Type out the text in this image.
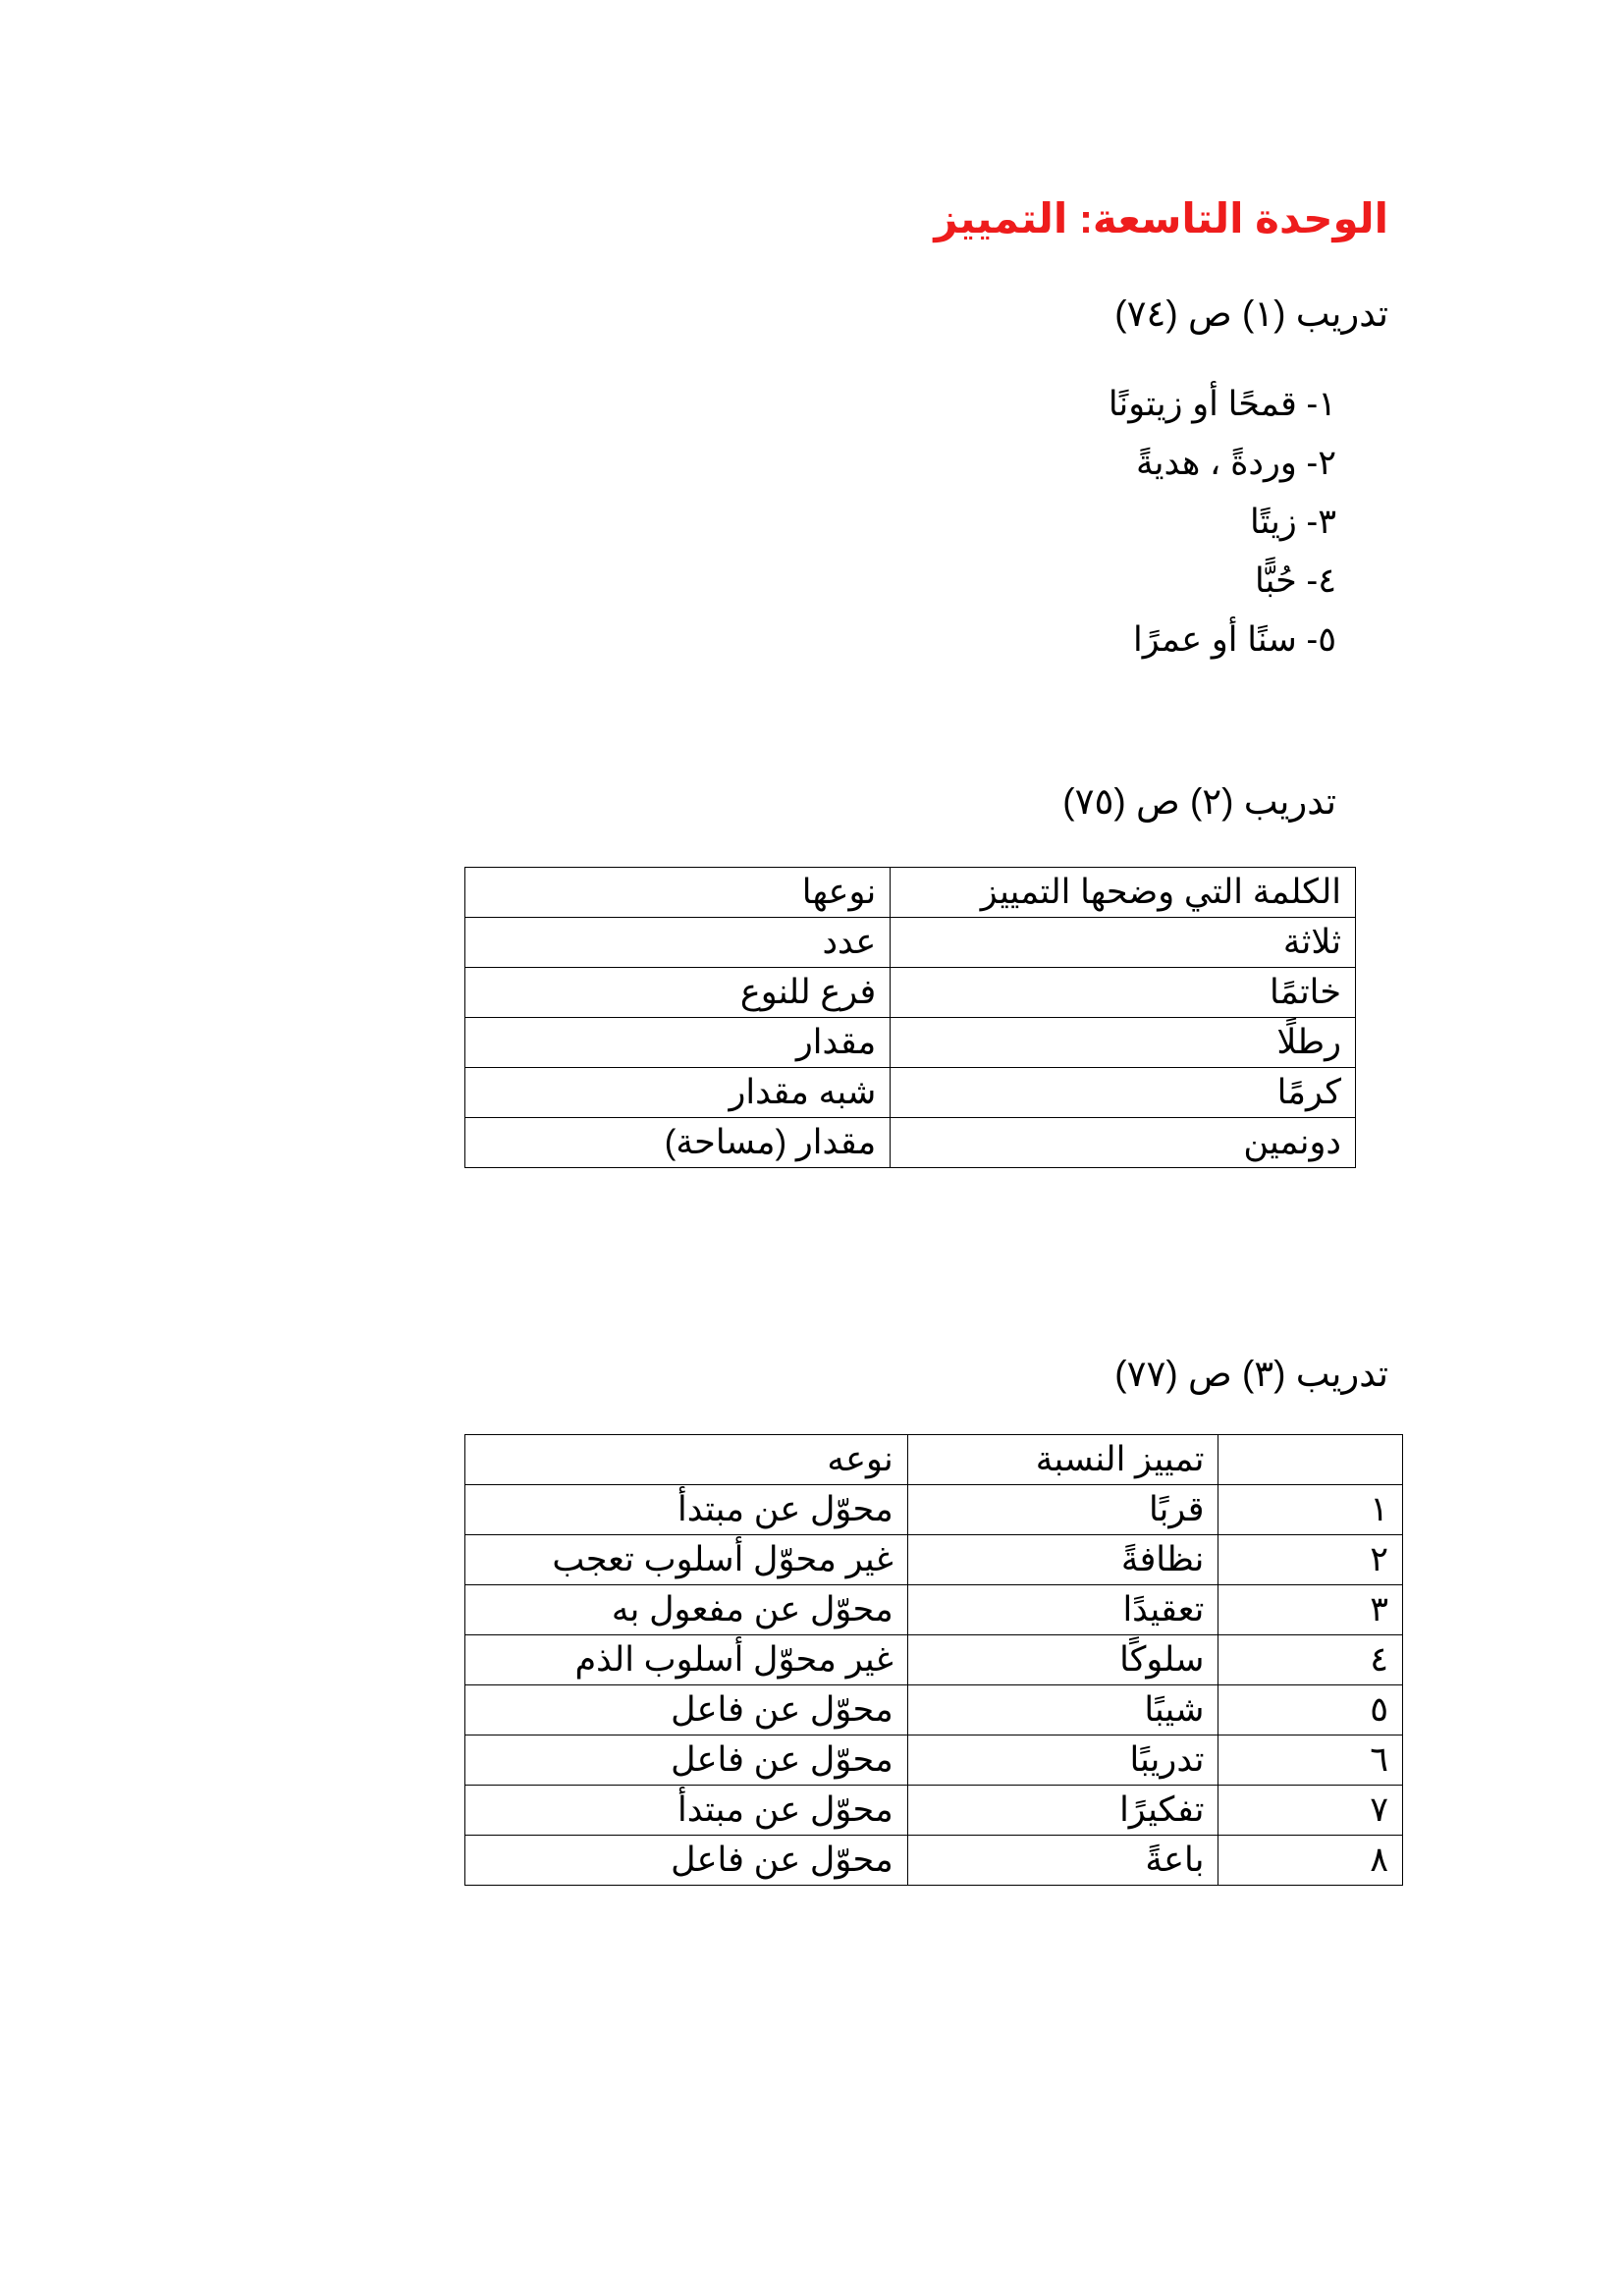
الوحدة التاسعة: التمييز
تدريب (١) ص (٧٤)
١- قمحًا أو زيتونًا
٢- وردةً ، هديةً
٣- زيتًا
٤- حُبًّا
٥- سنًا أو عمرًا
تدريب (٢) ص (٧٥)
الكلمة التي وضحها التمييز	نوعها
ثلاثة	عدد
خاتمًا	فرع للنوع
رطلًا	مقدار
كرمًا	شبه مقدار
دونمين	مقدار (مساحة)
تدريب (٣) ص (٧٧)
	تمييز النسبة	نوعه
١	قربًا	محوّل عن مبتدأ
٢	نظافةً	غير محوّل أسلوب تعجب
٣	تعقيدًا	محوّل عن مفعول به
٤	سلوكًا	غير محوّل أسلوب الذم
٥	شيبًا	محوّل عن فاعل
٦	تدريبًا	محوّل عن فاعل
٧	تفكيرًا	محوّل عن مبتدأ
٨	باعةً	محوّل عن فاعل
